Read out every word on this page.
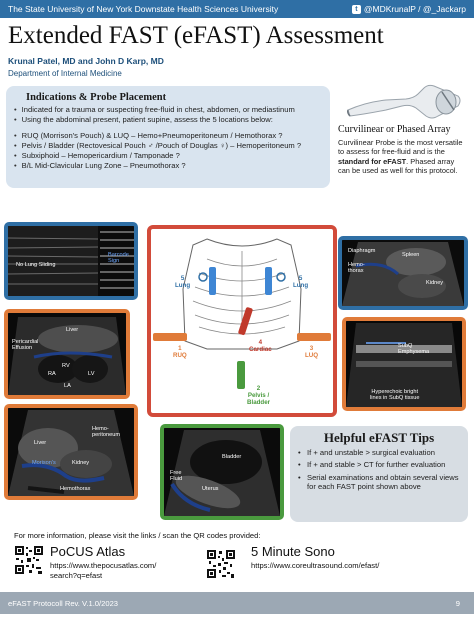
The State University of New York Downstate Health Sciences University	t @MDKrunalP / @_Jackarp
Extended FAST (eFAST) Assessment
Krunal Patel, MD and John D Karp, MD
Department of Internal Medicine
Indications & Probe Placement
• Indicated for a trauma or suspecting free-fluid in chest, abdomen, or mediastinum
• Using the abdominal present, patient supine, assess the 5 locations below:
• RUQ (Morrison's Pouch) & LUQ – Hemo+Pneumoperitoneum / Hemothorax ?
• Pelvis / Bladder (Rectovesical Pouch ♂ /Pouch of Douglas ♀) – Hemoperitoneum ?
• Subxiphoid – Hemopericardium / Tamponade ?
• B/L Mid-Clavicular Lung Zone – Pneumothorax ?
Curvilinear or Phased Array
Curvilinear Probe is the most versatile to assess for free-fluid and is the standard for eFAST. Phased array can be used as well for this protocol.
No Lung Sliding
Barcode Sign
Liver
Pericardial
Effusion
RV
RA	LV
LA
Liver
Hemo-
peritoneum
Kidney
Morison's
Hemothorax
5
Lung
5
Lung
4
Cardiac
1
RUQ
3
LUQ
2
Pelvis /
Bladder
Diaphragm
Spleen
Hemo-
thorax
Kidney
SubQ
Emphysema
Hyperechoic bright
lines in SubQ tissue
Bladder
Free
Fluid
Uterus
Helpful eFAST Tips
• If + and unstable > surgical evaluation
• If + and stable > CT for further evaluation
• Serial examinations and obtain several views for each FAST point shown above
For more information, please visit the links / scan the QR codes provided:
PoCUS Atlas
https://www.thepocusatlas.com/
search?q=efast
5 Minute Sono
https://www.coreultrasound.com/efast/
eFAST Protocoll Rev. V.1.0/2023	9
